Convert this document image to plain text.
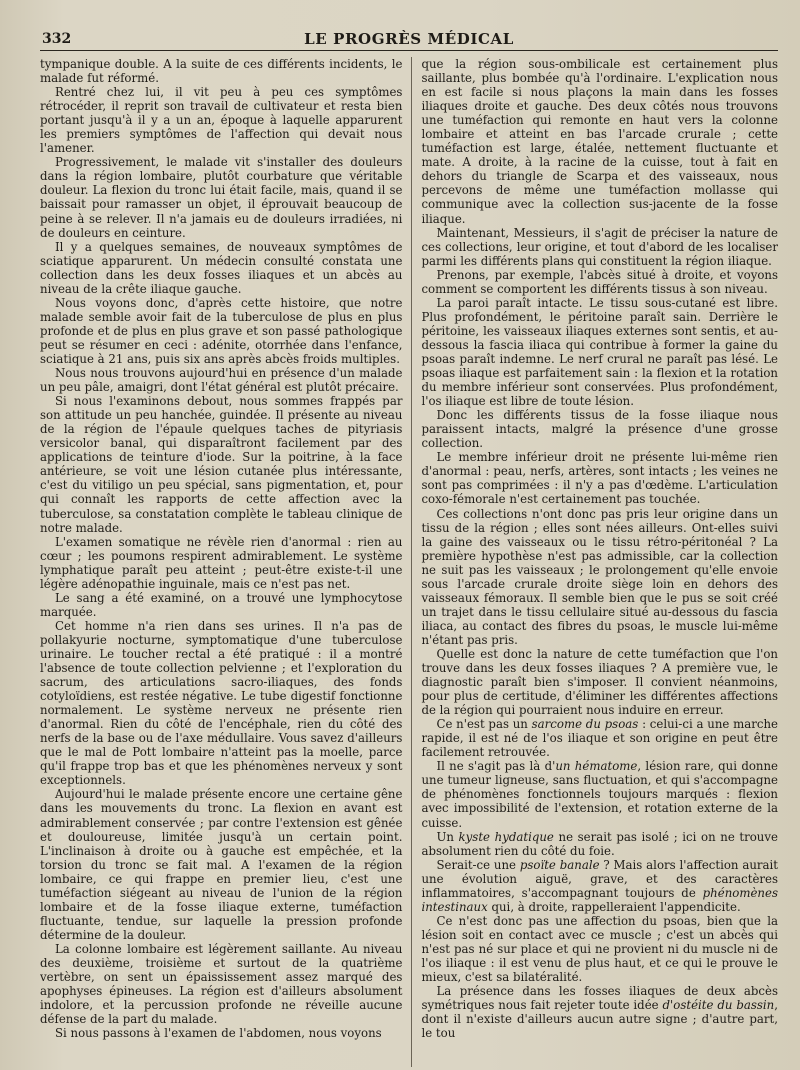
332	LE PROGRÈS MÉDICAL

tympanique double. A la suite de ces différents incidents, le malade fut réformé.

Rentré chez lui, il vit peu à peu ces symptômes rétrocéder, il reprit son travail de cultivateur et resta bien portant jusqu'à il y a un an, époque à laquelle apparurent les premiers symptômes de l'affection qui devait nous l'amener.

Progressivement, le malade vit s'installer des douleurs dans la région lombaire, plutôt courbature que véritable douleur. La flexion du tronc lui était facile, mais, quand il se baissait pour ramasser un objet, il éprouvait beaucoup de peine à se relever. Il n'a jamais eu de douleurs irradiées, ni de douleurs en ceinture.

Il y a quelques semaines, de nouveaux symptômes de sciatique apparurent. Un médecin consulté constata une collection dans les deux fosses iliaques et un abcès au niveau de la crête iliaque gauche.

Nous voyons donc, d'après cette histoire, que notre malade semble avoir fait de la tuberculose de plus en plus profonde et de plus en plus grave et son passé pathologique peut se résumer en ceci : adénite, otorrhée dans l'enfance, sciatique à 21 ans, puis six ans après abcès froids multiples.

Nous nous trouvons aujourd'hui en présence d'un malade un peu pâle, amaigri, dont l'état général est plutôt précaire.

Si nous l'examinons debout, nous sommes frappés par son attitude un peu hanchée, guindée. Il présente au niveau de la région de l'épaule quelques taches de pityriasis versicolor banal, qui disparaîtront facilement par des applications de teinture d'iode. Sur la poitrine, à la face antérieure, se voit une lésion cutanée plus intéressante, c'est du vitiligo un peu spécial, sans pigmentation, et, pour qui connaît les rapports de cette affection avec la tuberculose, sa constatation complète le tableau clinique de notre malade.

L'examen somatique ne révèle rien d'anormal : rien au cœur ; les poumons respirent admirablement. Le système lymphatique paraît peu atteint ; peut-être existe-t-il une légère adénopathie inguinale, mais ce n'est pas net.

Le sang a été examiné, on a trouvé une lymphocytose marquée.

Cet homme n'a rien dans ses urines. Il n'a pas de pollakyurie nocturne, symptomatique d'une tuberculose urinaire. Le toucher rectal a été pratiqué : il a montré l'absence de toute collection pelvienne ; et l'exploration du sacrum, des articulations sacro-iliaques, des fonds cotyloïdiens, est restée négative. Le tube digestif fonctionne normalement. Le système nerveux ne présente rien d'anormal. Rien du côté de l'encéphale, rien du côté des nerfs de la base ou de l'axe médullaire. Vous savez d'ailleurs que le mal de Pott lombaire n'atteint pas la moelle, parce qu'il frappe trop bas et que les phénomènes nerveux y sont exceptionnels.

Aujourd'hui le malade présente encore une certaine gêne dans les mouvements du tronc. La flexion en avant est admirablement conservée ; par contre l'extension est gênée et douloureuse, limitée jusqu'à un certain point. L'inclinaison à droite ou à gauche est empêchée, et la torsion du tronc se fait mal. A l'examen de la région lombaire, ce qui frappe en premier lieu, c'est une tuméfaction siégeant au niveau de l'union de la région lombaire et de la fosse iliaque externe, tuméfaction fluctuante, tendue, sur laquelle la pression profonde détermine de la douleur.

La colonne lombaire est légèrement saillante. Au niveau des deuxième, troisième et surtout de la quatrième vertèbre, on sent un épaississement assez marqué des apophyses épineuses. La région est d'ailleurs absolument indolore, et la percussion profonde ne réveille aucune défense de la part du malade.

Si nous passons à l'examen de l'abdomen, nous voyons

que la région sous-ombilicale est certainement plus saillante, plus bombée qu'à l'ordinaire. L'explication nous en est facile si nous plaçons la main dans les fosses iliaques droite et gauche. Des deux côtés nous trouvons une tuméfaction qui remonte en haut vers la colonne lombaire et atteint en bas l'arcade crurale ; cette tuméfaction est large, étalée, nettement fluctuante et mate. A droite, à la racine de la cuisse, tout à fait en dehors du triangle de Scarpa et des vaisseaux, nous percevons de même une tuméfaction mollasse qui communique avec la collection sus-jacente de la fosse iliaque.

Maintenant, Messieurs, il s'agit de préciser la nature de ces collections, leur origine, et tout d'abord de les localiser parmi les différents plans qui constituent la région iliaque.

Prenons, par exemple, l'abcès situé à droite, et voyons comment se comportent les différents tissus à son niveau.

La paroi paraît intacte. Le tissu sous-cutané est libre. Plus profondément, le péritoine paraît sain. Derrière le péritoine, les vaisseaux iliaques externes sont sentis, et au-dessous la fascia iliaca qui contribue à former la gaine du psoas paraît indemne. Le nerf crural ne paraît pas lésé. Le psoas iliaque est parfaitement sain : la flexion et la rotation du membre inférieur sont conservées. Plus profondément, l'os iliaque est libre de toute lésion.

Donc les différents tissus de la fosse iliaque nous paraissent intacts, malgré la présence d'une grosse collection.

Le membre inférieur droit ne présente lui-même rien d'anormal : peau, nerfs, artères, sont intacts ; les veines ne sont pas comprimées : il n'y a pas d'œdème. L'articulation coxo-fémorale n'est certainement pas touchée.

Ces collections n'ont donc pas pris leur origine dans un tissu de la région ; elles sont nées ailleurs. Ont-elles suivi la gaine des vaisseaux ou le tissu rétro-péritonéal ? La première hypothèse n'est pas admissible, car la collection ne suit pas les vaisseaux ; le prolongement qu'elle envoie sous l'arcade crurale droite siège loin en dehors des vaisseaux fémoraux. Il semble bien que le pus se soit créé un trajet dans le tissu cellulaire situé au-dessous du fascia iliaca, au contact des fibres du psoas, le muscle lui-même n'étant pas pris.

Quelle est donc la nature de cette tuméfaction que l'on trouve dans les deux fosses iliaques ? A première vue, le diagnostic paraît bien s'imposer. Il convient néanmoins, pour plus de certitude, d'éliminer les différentes affections de la région qui pourraient nous induire en erreur.

Ce n'est pas un sarcome du psoas : celui-ci a une marche rapide, il est né de l'os iliaque et son origine en peut être facilement retrouvée.

Il ne s'agit pas là d'un hématome, lésion rare, qui donne une tumeur ligneuse, sans fluctuation, et qui s'accompagne de phénomènes fonctionnels toujours marqués : flexion avec impossibilité de l'extension, et rotation externe de la cuisse.

Un kyste hydatique ne serait pas isolé ; ici on ne trouve absolument rien du côté du foie.

Serait-ce une psoïte banale ? Mais alors l'affection aurait une évolution aiguë, grave, et des caractères inflammatoires, s'accompagnant toujours de phénomènes intestinaux qui, à droite, rappelleraient l'appendicite.

Ce n'est donc pas une affection du psoas, bien que la lésion soit en contact avec ce muscle ; c'est un abcès qui n'est pas né sur place et qui ne provient ni du muscle ni de l'os iliaque : il est venu de plus haut, et ce qui le prouve le mieux, c'est sa bilatéralité.

La présence dans les fosses iliaques de deux abcès symétriques nous fait rejeter toute idée d'ostéite du bassin, dont il n'existe d'ailleurs aucun autre signe ; d'autre part, le tou
